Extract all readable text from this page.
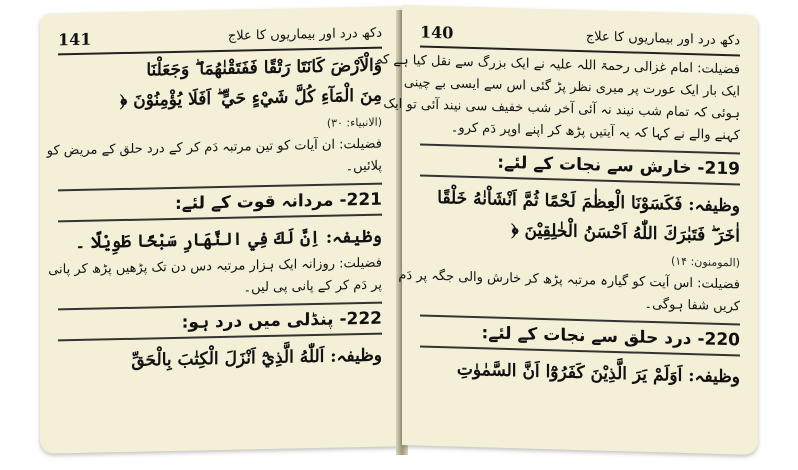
141	دکھ درد اور بیماریوں کا علاج
وَالْاَرْضَ كَانَتَا رَتْقًا فَفَتَقْنٰهُمَا ۖ وَجَعَلْنَا
مِنَ الْمَآءِ كُلَّ شَيْءٍ حَيٍّ ۖ اَفَلَا يُؤْمِنُوْنَ ﴿
(الانبیاء: ۳۰)
فضیلت: ان آیات کو تین مرتبہ دَم کر کے درد حلق کے مریض کو
پلائیں۔
221- مردانہ قوت کے لئے:
وظیفہ: اِنَّ لَكَ فِي النَّهَارِ سَبْحًا طَوِيْلًا ۔
فضیلت: روزانہ ایک ہزار مرتبہ دس دن تک پڑھیں پڑھ کر پانی
پر دَم کر کے پانی پی لیں۔
222- پنڈلی میں درد ہو:
وظیفہ: اَللّٰهُ الَّذِيْٓ اَنْزَلَ الْكِتٰبَ بِالْحَقِّ
140	دکھ درد اور بیماریوں کا علاج
فضیلت: امام غزالی رحمۃ اللہ علیہ نے ایک بزرگ سے نقل کیا ہے کہ
ایک بار ایک عورت پر میری نظر پڑ گئی اس سے ایسی بے چینی
ہوئی کہ تمام شب نیند نہ آئی آخر شب خفیف سی نیند آئی تو ایک
کہنے والے نے کہا کہ یہ آیتیں پڑھ کر اپنے اوپر دَم کرو۔
219- خارش سے نجات کے لئے:
وظیفہ: فَكَسَوْنَا الْعِظٰمَ لَحْمًا ثُمَّ اَنْشَاْنٰهُ خَلْقًا
اٰخَرَ ۖ فَتَبٰرَكَ اللّٰهُ اَحْسَنُ الْخٰلِقِيْنَ ﴿
(المومنون: ۱۴)
فضیلت: اس آیت کو گیارہ مرتبہ پڑھ کر خارش والی جگہ پر دَم
کریں شفا ہوگی۔
220- درد حلق سے نجات کے لئے:
وظیفہ: اَوَلَمْ يَرَ الَّذِيْنَ كَفَرُوْٓا اَنَّ السَّمٰوٰتِ
